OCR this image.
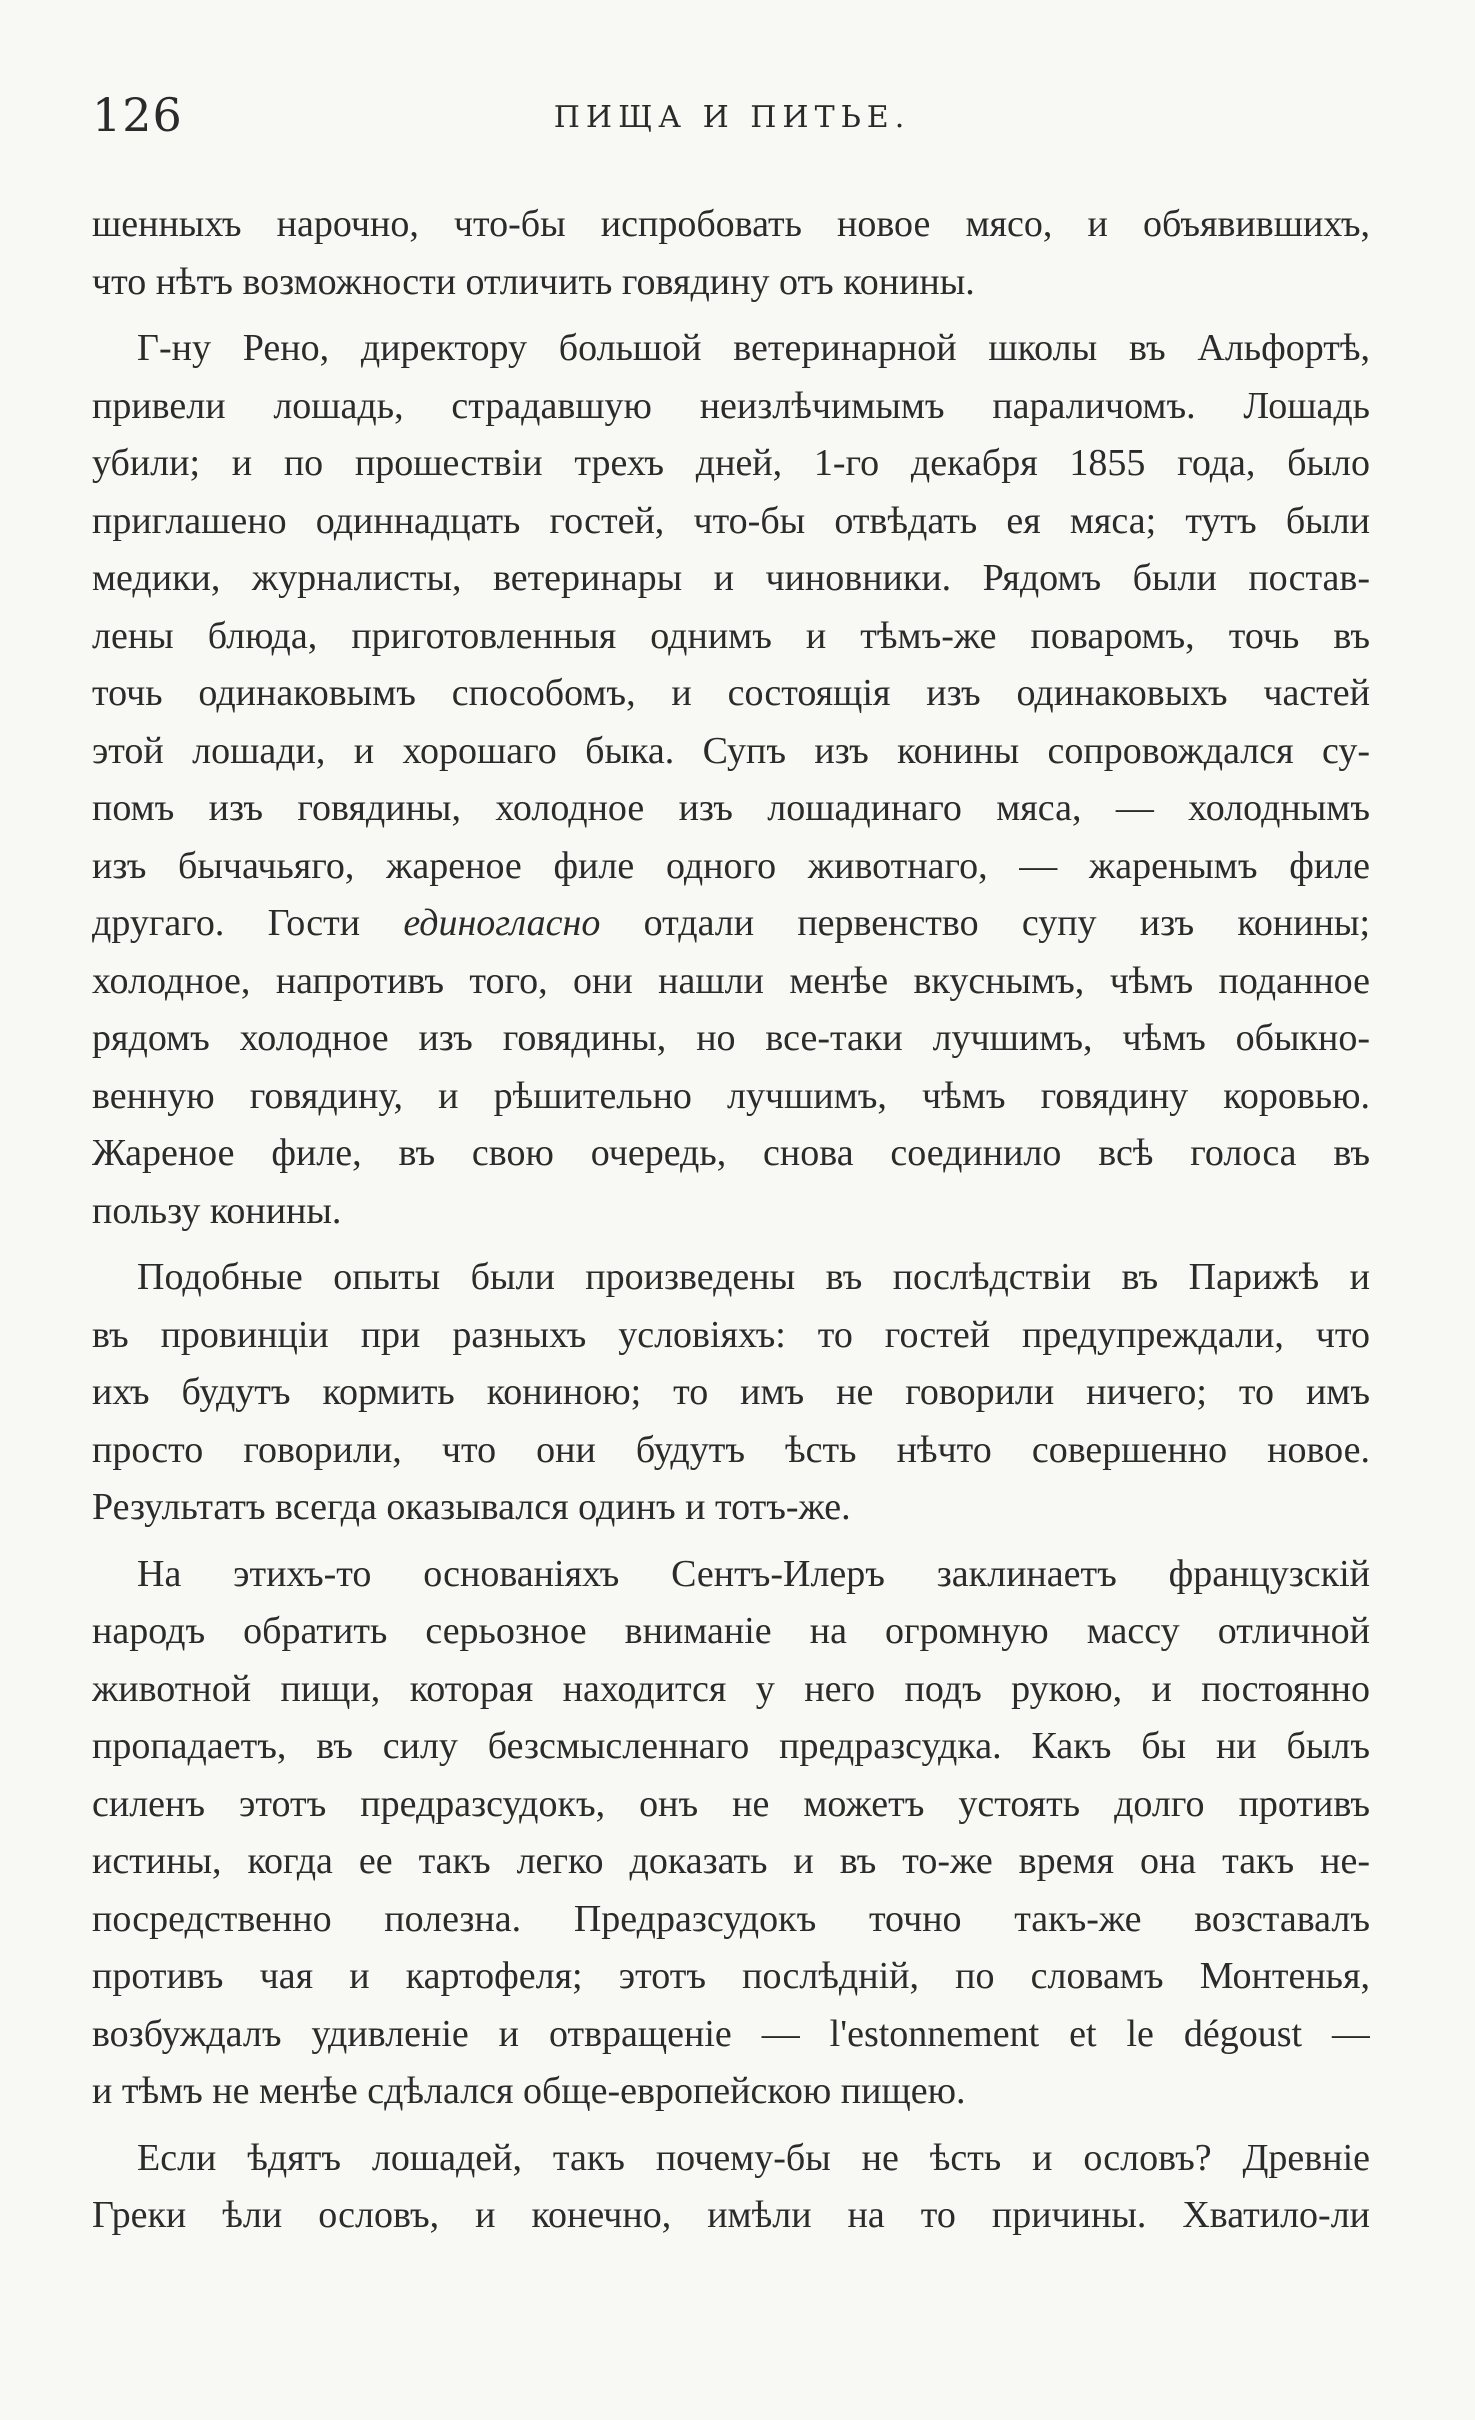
126	ПИЩА И ПИТЬЕ.
шенныхъ нарочно, что-бы испробовать новое мясо, и объявившихъ,
что нѣтъ возможности отличить говядину отъ конины.
Г-ну Рено, директору большой ветеринарной школы въ Альфортѣ,
привели лошадь, страдавшую неизлѣчимымъ параличомъ. Лошадь
убили; и по прошествіи трехъ дней, 1-го декабря 1855 года, было
приглашено одиннадцать гостей, что-бы отвѣдать ея мяса; тутъ были
медики, журналисты, ветеринары и чиновники. Рядомъ были постав-
лены блюда, приготовленныя однимъ и тѣмъ-же поваромъ, точь въ
точь одинаковымъ способомъ, и состоящія изъ одинаковыхъ частей
этой лошади, и хорошаго быка. Супъ изъ конины сопровождался су-
помъ изъ говядины, холодное изъ лошадинаго мяса, — холоднымъ
изъ бычачьяго, жареное филе одного животнаго, — жаренымъ филе
другаго. Гости единогласно отдали первенство супу изъ конины;
холодное, напротивъ того, они нашли менѣе вкуснымъ, чѣмъ поданное
рядомъ холодное изъ говядины, но все-таки лучшимъ, чѣмъ обыкно-
венную говядину, и рѣшительно лучшимъ, чѣмъ говядину коровью.
Жареное филе, въ свою очередь, снова соединило всѣ голоса въ
пользу конины.
Подобные опыты были произведены въ послѣдствіи въ Парижѣ и
въ провинціи при разныхъ условіяхъ: то гостей предупреждали, что
ихъ будутъ кормить кониною; то имъ не говорили ничего; то имъ
просто говорили, что они будутъ ѣсть нѣчто совершенно новое.
Результатъ всегда оказывался одинъ и тотъ-же.
На этихъ-то основаніяхъ Сентъ-Илеръ заклинаетъ французскій
народъ обратить серьозное вниманіе на огромную массу отличной
животной пищи, которая находится у него подъ рукою, и постоянно
пропадаетъ, въ силу безсмысленнаго предразсудка. Какъ бы ни былъ
силенъ этотъ предразсудокъ, онъ не можетъ устоять долго противъ
истины, когда ее такъ легко доказать и въ то-же время она такъ не-
посредственно полезна. Предразсудокъ точно такъ-же возставалъ
противъ чая и картофеля; этотъ послѣдній, по словамъ Монтенья,
возбуждалъ удивленіе и отвращеніе — l'estonnement et le dégoust —
и тѣмъ не менѣе сдѣлался обще-европейскою пищею.
Если ѣдятъ лошадей, такъ почему-бы не ѣсть и ословъ? Древніе
Греки ѣли ословъ, и конечно, имѣли на то причины. Хватило-ли
